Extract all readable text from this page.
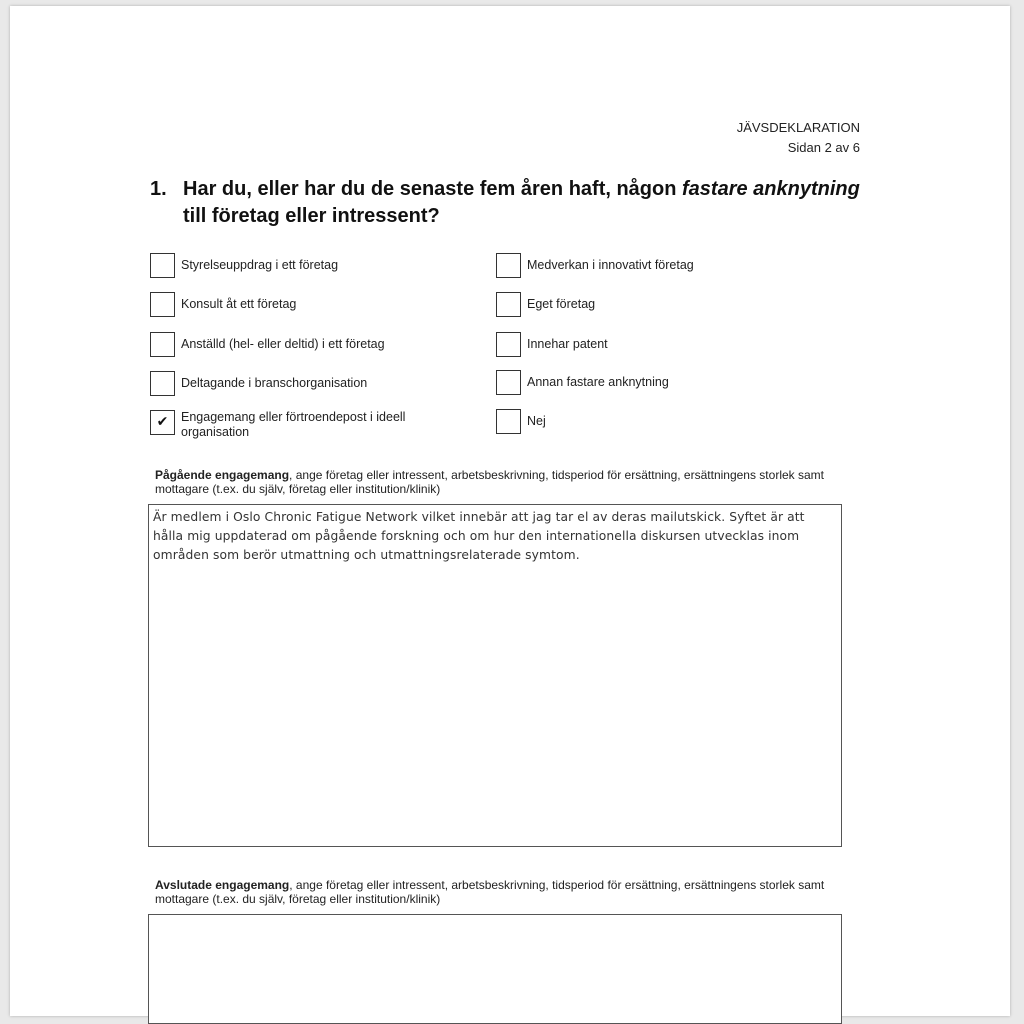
JÄVSDEKLARATION
Sidan 2 av 6
1. Har du, eller har du de senaste fem åren haft, någon fastare anknytning till företag eller intressent?
Styrelseuppdrag i ett företag
Konsult åt ett företag
Anställd (hel- eller deltid) i ett företag
Deltagande i branschorganisation
✔	Engagemang eller förtroendepost i ideell organisation
Medverkan i innovativt företag
Eget företag
Innehar patent
Annan fastare anknytning
Nej
Pågående engagemang, ange företag eller intressent, arbetsbeskrivning, tidsperiod för ersättning, ersättningens storlek samt mottagare (t.ex. du själv, företag eller institution/klinik)
Är medlem i Oslo Chronic Fatigue Network vilket innebär att jag tar el av deras mailutskick. Syftet är att hålla mig uppdaterad om pågående forskning och om hur den internationella diskursen utvecklas inom områden som berör utmattning och utmattningsrelaterade symtom.
Avslutade engagemang, ange företag eller intressent, arbetsbeskrivning, tidsperiod för ersättning, ersättningens storlek samt mottagare (t.ex. du själv, företag eller institution/klinik)
